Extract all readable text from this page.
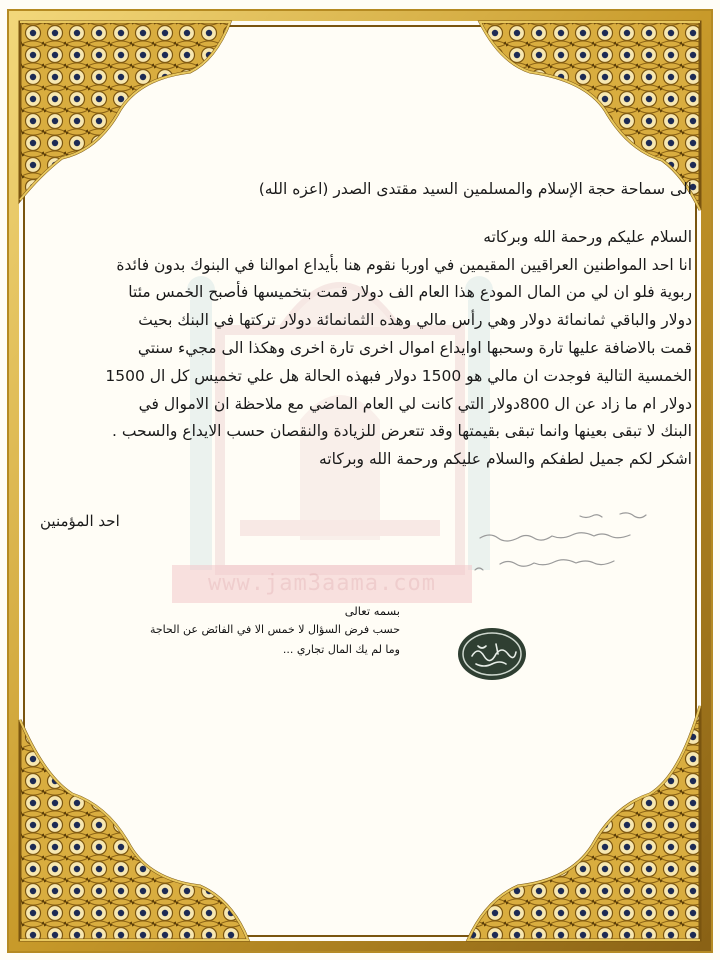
www.jam3aama.com
الى سماحة حجة الإسلام والمسلمين السيد مقتدى الصدر (اعزه الله)
السلام عليكم ورحمة الله وبركاته
انا احد المواطنين العراقيين المقيمين في اوربا نقوم هنا بأيداع اموالنا في البنوك بدون فائدة
ربوية فلو ان لي من المال المودع هذا العام الف دولار قمت بتخميسها فأصبح الخمس مئتا
دولار والباقي ثمانمائة دولار وهي رأس مالي وهذه الثمانمائة دولار تركتها في البنك بحيث
قمت بالاضافة عليها تارة وسحبها اوايداع اموال اخرى تارة اخرى وهكذا الى مجيء سنتي
الخمسية التالية فوجدت ان مالي هو 1500 دولار فبهذه الحالة هل علي تخميس كل ال 1500
دولار ام ما زاد عن ال 800دولار التي كانت لي العام الماضي مع ملاحظة ان الاموال في
البنك لا تبقى بعينها وانما تبقى بقيمتها وقد تتعرض للزيادة والنقصان حسب الايداع والسحب .
اشكر لكم جميل لطفكم والسلام عليكم ورحمة الله وبركاته
احد المؤمنين
بسمه تعالى
حسب فرض السؤال لا خمس الا في الفائض عن الحاجة
وما لم يك المال تجاري ...
